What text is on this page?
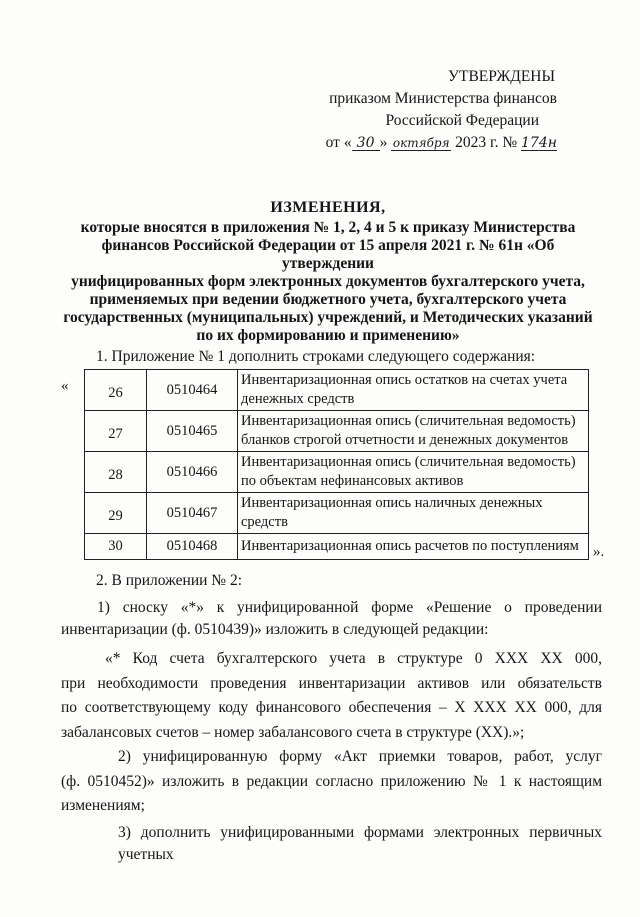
УТВЕРЖДЕНЫ
приказом Министерства финансов
Российской Федерации
от « 30 » октября 2023 г. № 174н
ИЗМЕНЕНИЯ,
которые вносятся в приложения № 1, 2, 4 и 5 к приказу Министерства
финансов Российской Федерации от 15 апреля 2021 г. № 61н «Об утверждении
унифицированных форм электронных документов бухгалтерского учета,
применяемых при ведении бюджетного учета, бухгалтерского учета
государственных (муниципальных) учреждений, и Методических указаний
по их формированию и применению»
1. Приложение № 1 дополнить строками следующего содержания:
«	26	0510464	Инвентаризационная опись остатков на счетах учета денежных средств
27	0510465	Инвентаризационная опись (сличительная ведомость) бланков строгой отчетности и денежных документов
28	0510466	Инвентаризационная опись (сличительная ведомость) по объектам нефинансовых активов
29	0510467	Инвентаризационная опись наличных денежных средств
30	0510468	Инвентаризационная опись расчетов по поступлениям ».
2. В приложении № 2:
1) сноску «*» к унифицированной форме «Решение о проведении
инвентаризации (ф. 0510439)» изложить в следующей редакции:
«* Код счета бухгалтерского учета в структуре 0 XXX XX 000,
при необходимости проведения инвентаризации активов или обязательств
по соответствующему коду финансового обеспечения – X XXX XX 000, для
забалансовых счетов – номер забалансового счета в структуре (XX).»;
2) унифицированную форму «Акт приемки товаров, работ, услуг
(ф. 0510452)» изложить в редакции согласно приложению № 1 к настоящим
изменениям;
3) дополнить унифицированными формами электронных первичных учетных
